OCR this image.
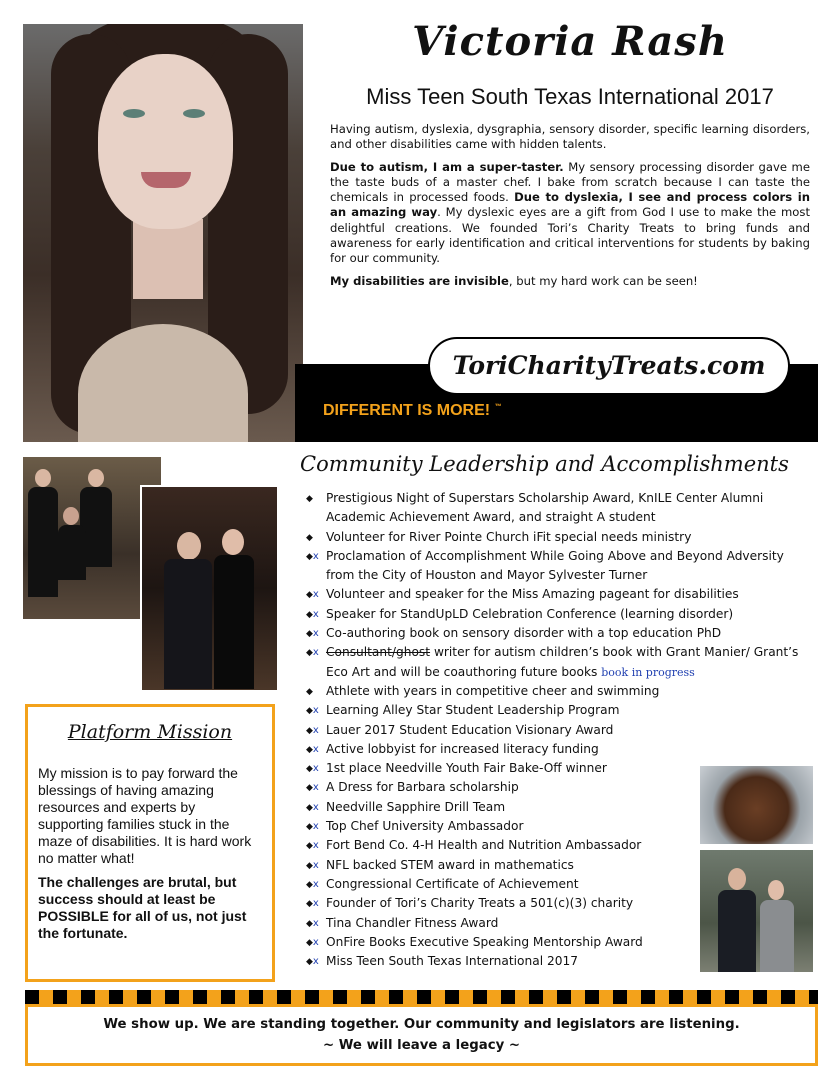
Victoria Rash
Miss Teen South Texas International 2017

Having autism, dyslexia, dysgraphia, sensory disorder, specific learning disorders, and other disabilities came with hidden talents.

Due to autism, I am a super-taster. My sensory processing disorder gave me the taste buds of a master chef. I bake from scratch because I can taste the chemicals in processed foods. Due to dyslexia, I see and process colors in an amazing way. My dyslexic eyes are a gift from God I use to make the most delightful creations. We founded Tori’s Charity Treats to bring funds and awareness for early identification and critical interventions for students by baking for our community.

My disabilities are invisible, but my hard work can be seen!

ToriCharityTreats.com
DIFFERENT IS MORE! ™
Community Leadership and Accomplishments
◆ Prestigious Night of Superstars Scholarship Award, KnILE Center Alumni Academic Achievement Award, and straight A student
◆ Volunteer for River Pointe Church iFit special needs ministry
◆x Proclamation of Accomplishment While Going Above and Beyond Adversity from the City of Houston and Mayor Sylvester Turner
◆x Volunteer and speaker for the Miss Amazing pageant for disabilities
◆x Speaker for StandUpLD Celebration Conference (learning disorder)
◆x Co-authoring book on sensory disorder with a top education PhD
◆x Consultant/ghost writer for autism children’s book with Grant Manier/ Grant’s Eco Art and will be coauthoring future books book in progress
◆ Athlete with years in competitive cheer and swimming
◆x Learning Alley Star Student Leadership Program
◆x Lauer 2017 Student Education Visionary Award
◆x Active lobbyist for increased literacy funding
◆x 1st place Needville Youth Fair Bake-Off winner
◆x A Dress for Barbara scholarship
◆x Needville Sapphire Drill Team
◆x Top Chef University Ambassador
◆x Fort Bend Co. 4-H Health and Nutrition Ambassador
◆x NFL backed STEM award in mathematics
◆x Congressional Certificate of Achievement
◆x Founder of Tori’s Charity Treats a 501(c)(3) charity
◆x Tina Chandler Fitness Award
◆x OnFire Books Executive Speaking Mentorship Award
◆x Miss Teen South Texas International 2017
Platform Mission

My mission is to pay forward the blessings of having amazing resources and experts by supporting families stuck in the maze of disabilities. It is hard work no matter what!

The challenges are brutal, but success should at least be POSSIBLE for all of us, not just the fortunate.

We show up. We are standing together. Our community and legislators are listening.
~ We will leave a legacy ~
